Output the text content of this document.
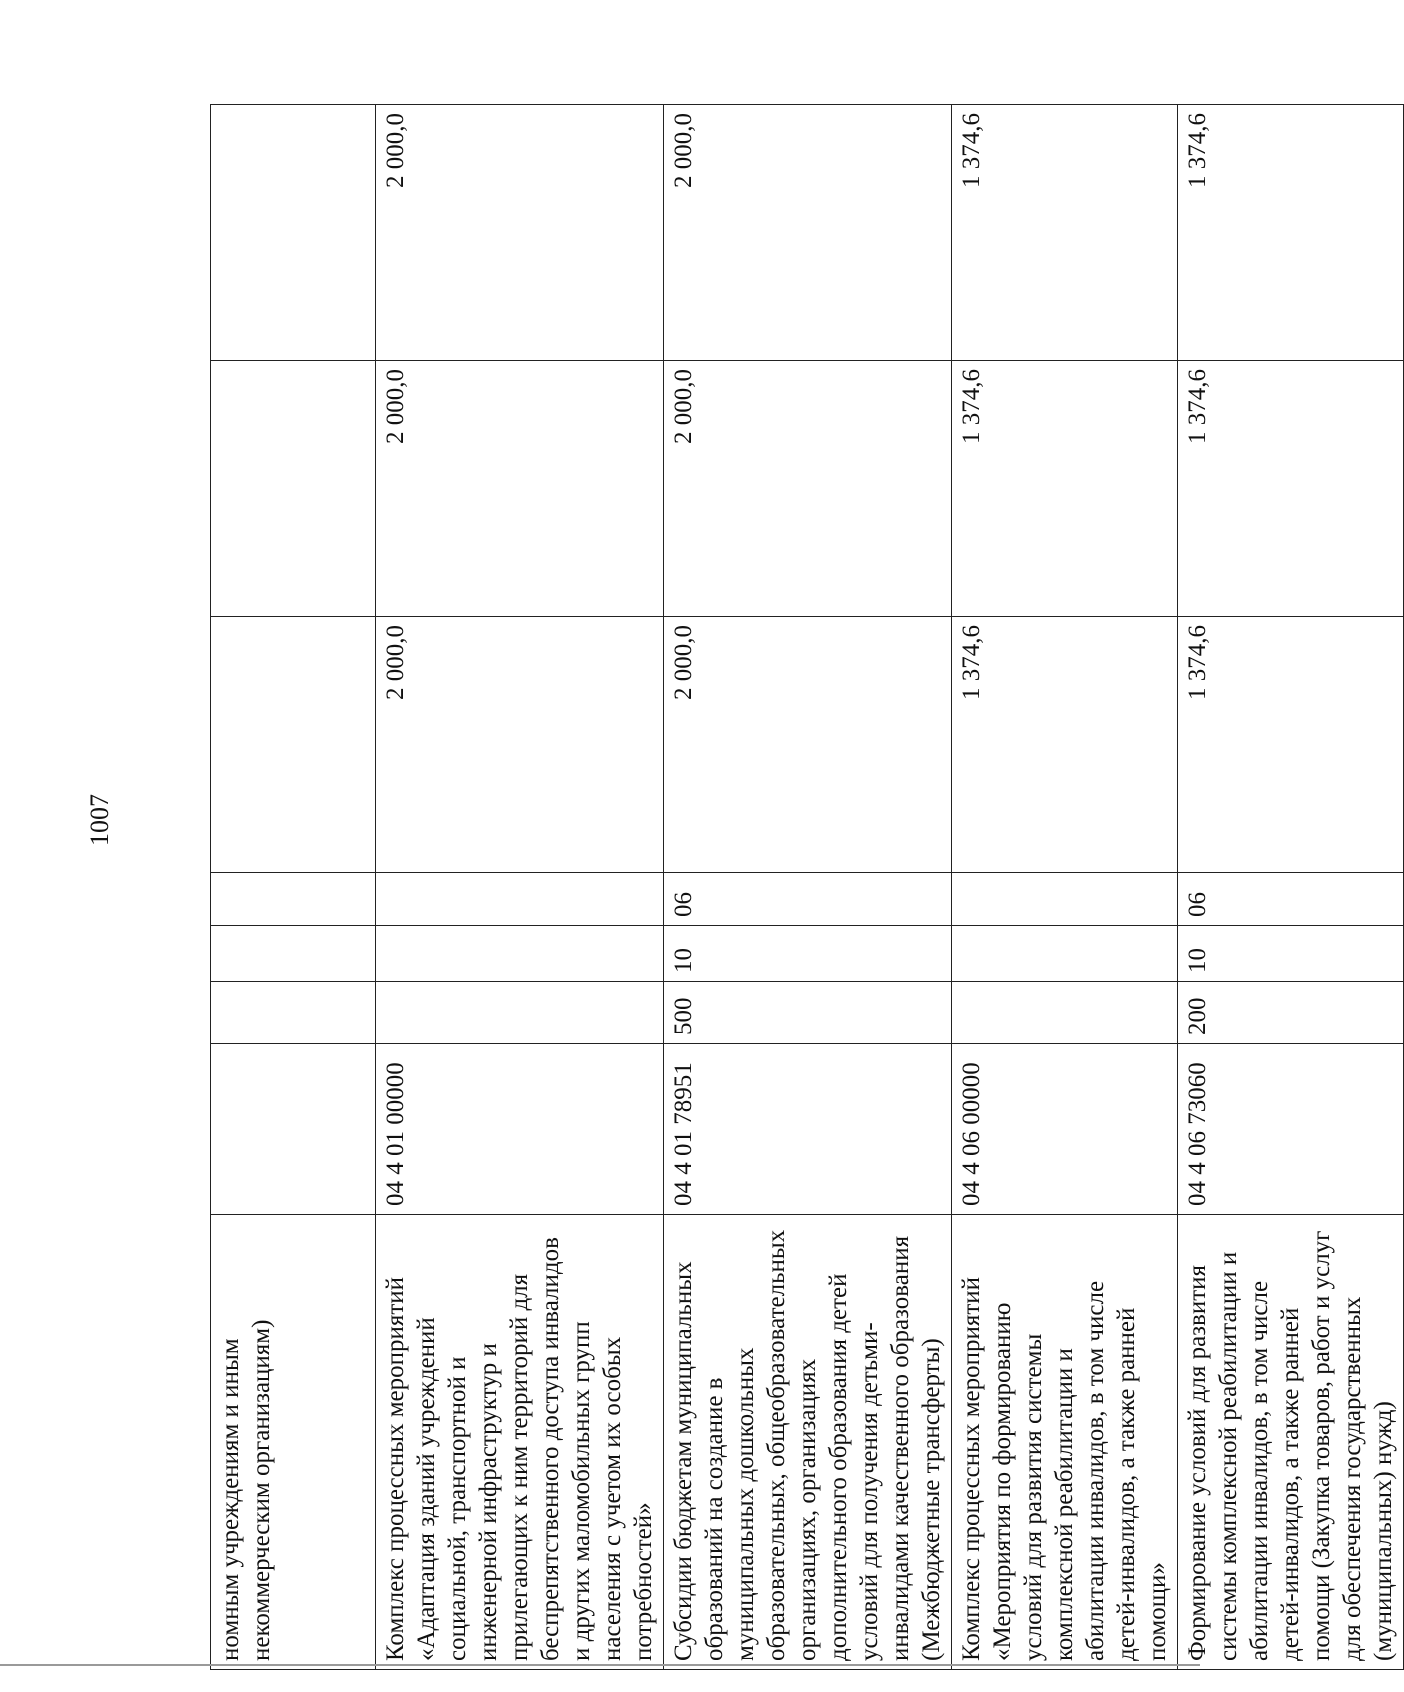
1007
номным учреждениям и иным некоммерческим организациям)							
Комплекс процессных мероприятий «Адаптация зданий учреждений социальной, транспортной и инженерной инфраструктур и прилегающих к ним территорий для беспрепятственного доступа инвалидов и других маломобильных групп населения с учетом их особых потребностей»	04 4 01 00000				2 000,0	2 000,0	2 000,0
Субсидии бюджетам муниципальных образований на создание в муниципальных дошкольных образовательных, общеобразовательных организациях, организациях дополнительного образования детей условий для получения детьми-инвалидами качественного образования (Межбюджетные трансферты)	04 4 01 78951	500	10	06	2 000,0	2 000,0	2 000,0
Комплекс процессных мероприятий «Мероприятия по формированию условий для развития системы комплексной реабилитации и абилитации инвалидов, в том числе детей-инвалидов, а также ранней помощи»	04 4 06 00000				1 374,6	1 374,6	1 374,6
Формирование условий для развития системы комплексной реабилитации и абилитации инвалидов, в том числе детей-инвалидов, а также ранней помощи (Закупка товаров, работ и услуг для обеспечения государственных (муниципальных) нужд)	04 4 06 73060	200	10	06	1 374,6	1 374,6	1 374,6
